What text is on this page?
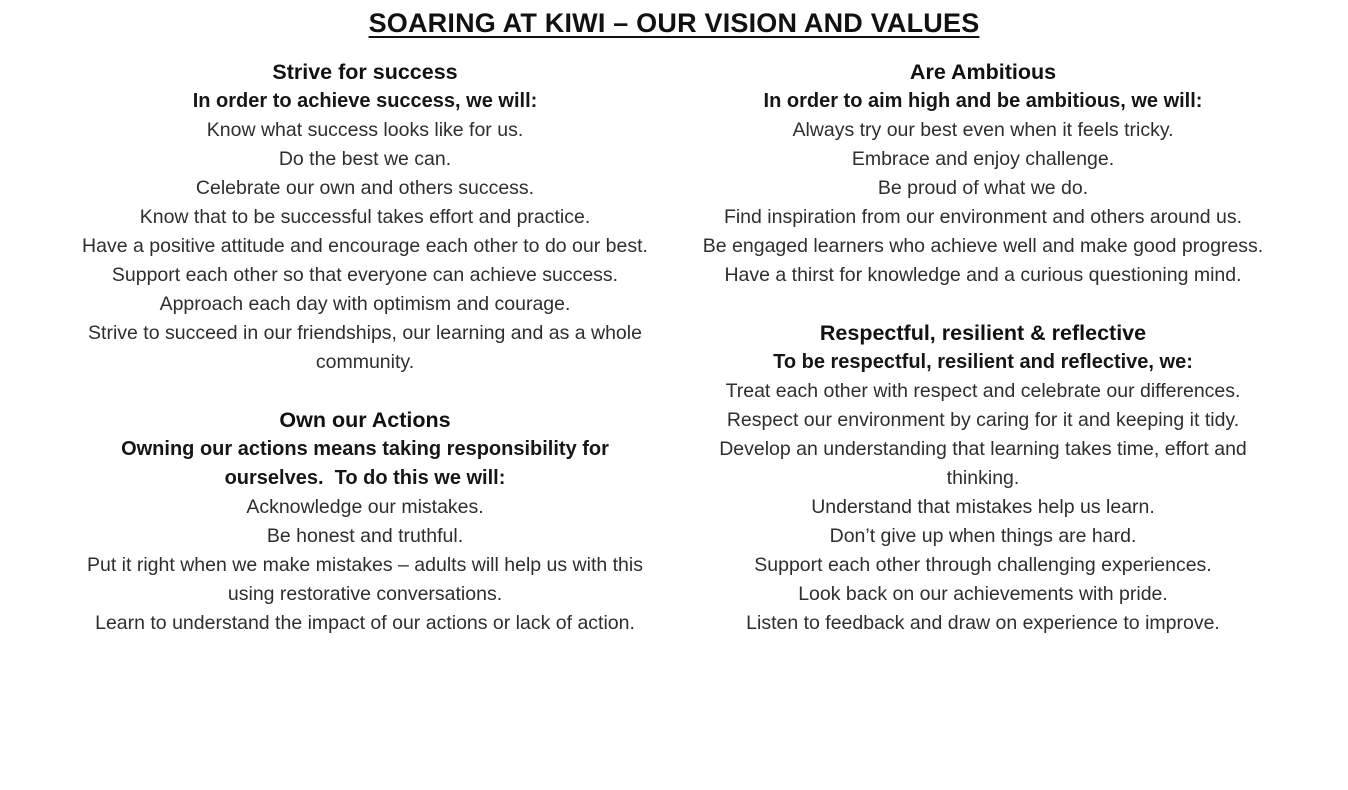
SOARING AT KIWI – OUR VISION AND VALUES
Strive for success
In order to achieve success, we will:
Know what success looks like for us.
Do the best we can.
Celebrate our own and others success.
Know that to be successful takes effort and practice.
Have a positive attitude and encourage each other to do our best.
Support each other so that everyone can achieve success.
Approach each day with optimism and courage.
Strive to succeed in our friendships, our learning and as a whole community.
Own our Actions
Owning our actions means taking responsibility for ourselves.  To do this we will:
Acknowledge our mistakes.
Be honest and truthful.
Put it right when we make mistakes – adults will help us with this using restorative conversations.
Learn to understand the impact of our actions or lack of action.
Are Ambitious
In order to aim high and be ambitious, we will:
Always try our best even when it feels tricky.
Embrace and enjoy challenge.
Be proud of what we do.
Find inspiration from our environment and others around us.
Be engaged learners who achieve well and make good progress.
Have a thirst for knowledge and a curious questioning mind.
Respectful, resilient & reflective
To be respectful, resilient and reflective, we:
Treat each other with respect and celebrate our differences.
Respect our environment by caring for it and keeping it tidy.
Develop an understanding that learning takes time, effort and thinking.
Understand that mistakes help us learn.
Don’t give up when things are hard.
Support each other through challenging experiences.
Look back on our achievements with pride.
Listen to feedback and draw on experience to improve.
